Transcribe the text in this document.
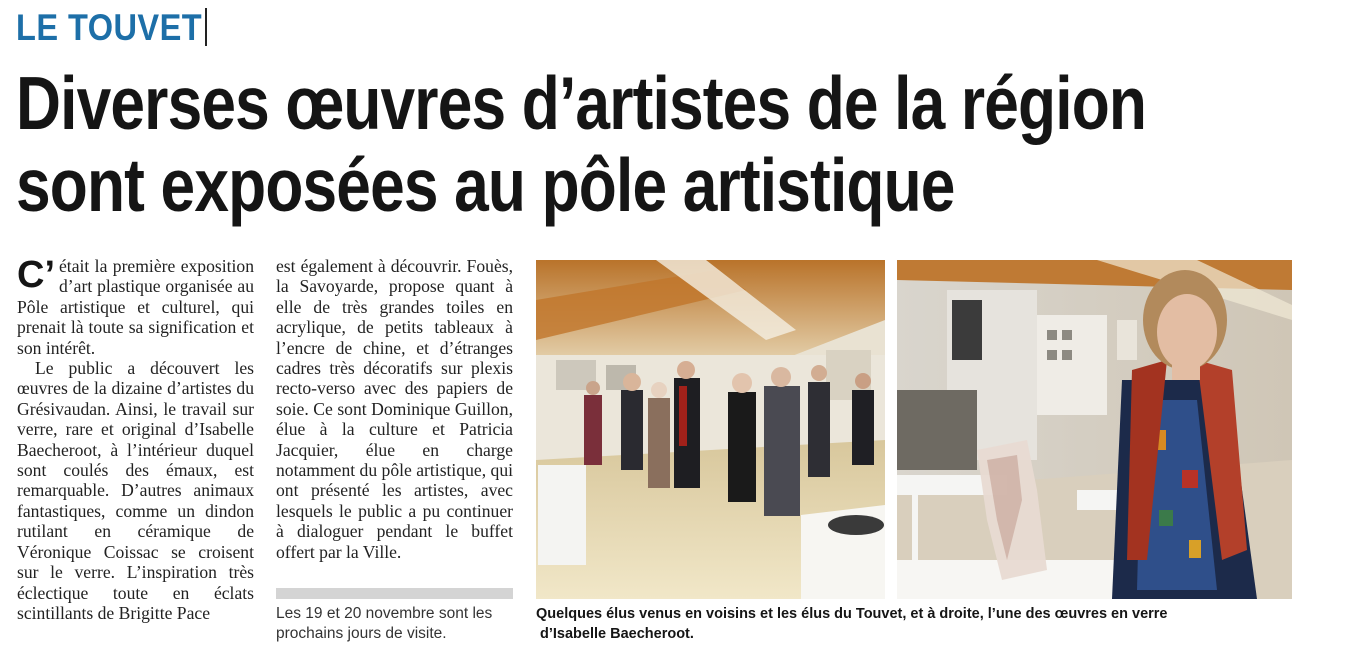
LE TOUVET
Diverses œuvres d’artistes de la région
sont exposées au pôle artistique

C’ était la première exposition d’art plastique organisée au Pôle artistique et culturel, qui prenait là toute sa signification et son intérêt.

Le public a découvert les œuvres de la dizaine d’artistes du Grésivaudan. Ainsi, le travail sur verre, rare et original d’Isabelle Baecheroot, à l’intérieur duquel sont coulés des émaux, est remarquable. D’autres animaux fantastiques, comme un dindon rutilant en céramique de Véronique Coissac se croisent sur le verre. L’inspiration très éclectique toute en éclats scintillants de Brigitte Pace

est également à découvrir. Fouès, la Savoyarde, propose quant à elle de très grandes toiles en acrylique, de petits tableaux à l’encre de chine, et d’étranges cadres très décoratifs sur plexis recto-verso avec des papiers de soie. Ce sont Dominique Guillon, élue à la culture et Patricia Jacquier, élue en charge notamment du pôle artistique, qui ont présenté les artistes, avec lesquels le public a pu continuer à dialoguer pendant le buffet offert par la Ville.

Les 19 et 20 novembre sont les prochains jours de visite.
Quelques élus venus en voisins et les élus du Touvet, et à droite, l’une des œuvres en verre
d’Isabelle Baecheroot.
